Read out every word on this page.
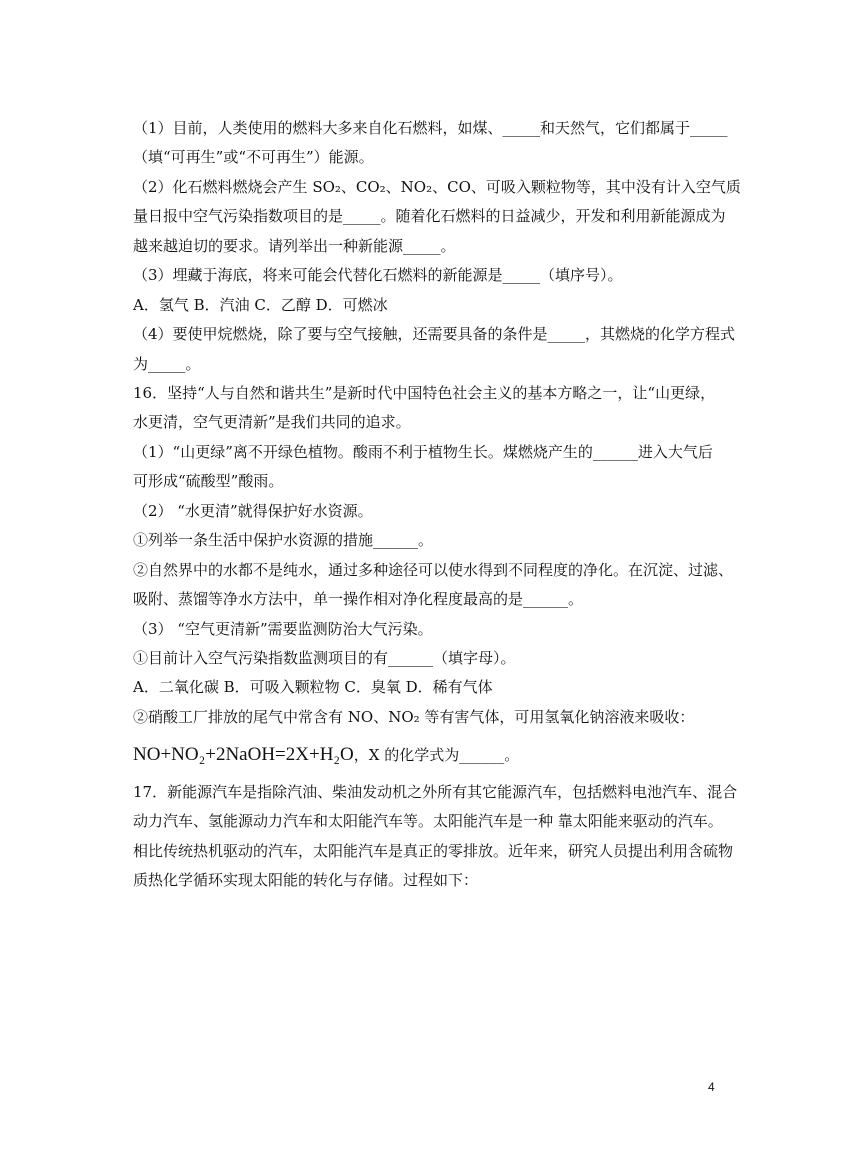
（1）目前，人类使用的燃料大多来自化石燃料，如煤、_____和天然气，它们都属于_____
（填“可再生”或“不可再生”）能源。
（2）化石燃料燃烧会产生 SO₂、CO₂、NO₂、CO、可吸入颗粒物等，其中没有计入空气质
量日报中空气污染指数项目的是_____。随着化石燃料的日益减少，开发和利用新能源成为
越来越迫切的要求。请列举出一种新能源_____。
（3）埋藏于海底，将来可能会代替化石燃料的新能源是_____（填序号）。
A．氢气 B．汽油 C．乙醇 D．可燃冰
（4）要使甲烷燃烧，除了要与空气接触，还需要具备的条件是_____，其燃烧的化学方程式
为_____。
16．坚持“人与自然和谐共生”是新时代中国特色社会主义的基本方略之一，让“山更绿，
水更清，空气更清新”是我们共同的追求。
（1）“山更绿”离不开绿色植物。酸雨不利于植物生长。煤燃烧产生的______进入大气后
可形成“硫酸型”酸雨。
（2） “水更清”就得保护好水资源。
①列举一条生活中保护水资源的措施______。
②自然界中的水都不是纯水，通过多种途径可以使水得到不同程度的净化。在沉淀、过滤、
吸附、蒸馏等净水方法中，单一操作相对净化程度最高的是______。
（3） “空气更清新”需要监测防治大气污染。
①目前计入空气污染指数监测项目的有______（填字母）。
A．二氧化碳 B．可吸入颗粒物 C．臭氧 D．稀有气体
②硝酸工厂排放的尾气中常含有 NO、NO₂ 等有害气体，可用氢氧化钠溶液来吸收：
NO+NO₂+2NaOH=2X+H₂O，X 的化学式为______。
17．新能源汽车是指除汽油、柴油发动机之外所有其它能源汽车，包括燃料电池汽车、混合
动力汽车、氢能源动力汽车和太阳能汽车等。太阳能汽车是一种 靠太阳能来驱动的汽车。
相比传统热机驱动的汽车，太阳能汽车是真正的零排放。近年来，研究人员提出利用含硫物
质热化学循环实现太阳能的转化与存储。过程如下：
4
